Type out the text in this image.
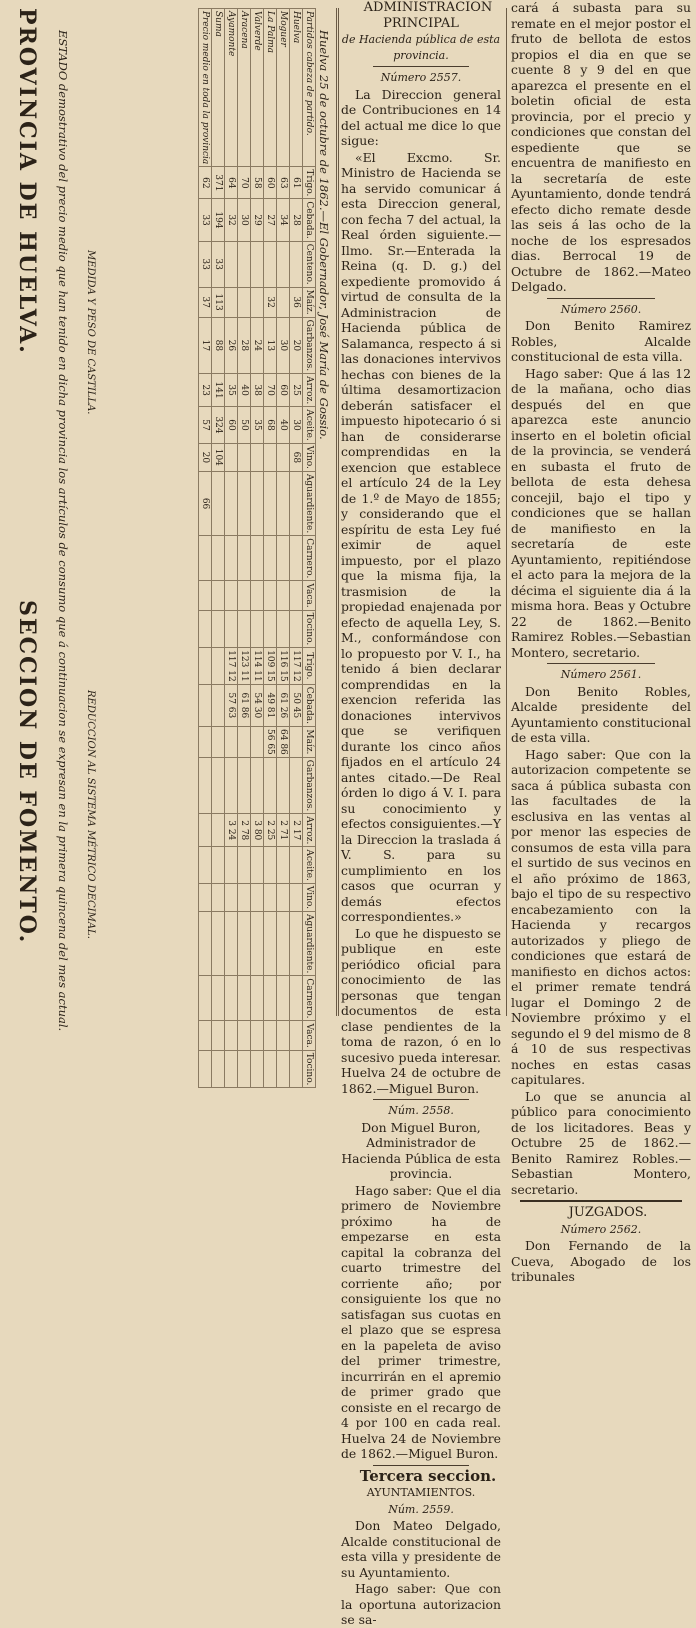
PROVINCIA DE HUELVA.
SECCION DE FOMENTO. ESTADO demostrativo del precio medio que han tenido en dicha provincia los artículos de consumo que á continuacion se expresan en la primera quincena del mes actual. MEDIDA Y PESO DE CASTILLA.
REDUCCION AL SISTEMA MÉTRICO DECIMAL.
Partidos cabeza de partido.	Trigo.	Cebada.	Centeno.	Maíz.	Garbanzos.	Arroz.	Aceite.	Vino.	Aguardiente.	Carnero.	Vaca.	Tocino.	Trigo.	Cebada.	Maíz.	Garbanzos.	Arroz.	Aceite.	Vino.	Aguardiente.	Carnero.	Vaca.	Tocino.
Huelva	61	28		36	20	25	30	68					117 12	50 45			2 17						
Moguer	63	34			30	60	40						116 15	61 26	64 86		2 71						
La Palma	60	27		32	13	70	68						109 15	49 81	56 65		2 25						
Valverde	58	29			24	38	35						114 11	54 30			3 80						
Aracena	70	30			28	40	50						123 11	61 86			2 78						
Ayamonte	64	32			26	35	60						117 12	57 63			3 24						
Suma	371	194	33	113	88	141	324	104															
Precio medio en toda la provincia	62	33	33	37	17	23	57	20	66														
Huelva 25 de octubre de 1862.—El Gobernador, José María de Gossio.

ADMINISTRACION PRINCIPAL

de Hacienda pública de esta provincia.

Número 2557.

La Direccion general de Contribuciones en 14 del actual me dice lo que sigue:

«El Excmo. Sr. Ministro de Hacienda se ha servido comunicar á esta Direccion general, con fecha 7 del actual, la Real órden siguiente.—Ilmo. Sr.—Enterada la Reina (q. D. g.) del expediente promovido á virtud de consulta de la Administracion de Hacienda pública de Salamanca, respecto á si las donaciones intervivos hechas con bienes de la última desamortizacion deberán satisfacer el impuesto hipotecario ó si han de considerarse comprendidas en la exencion que establece el artículo 24 de la Ley de 1.º de Mayo de 1855; y considerando que el espíritu de esta Ley fué eximir de aquel impuesto, por el plazo que la misma fija, la trasmision de la propiedad enajenada por efecto de aquella Ley, S. M., conformándose con lo propuesto por V. I., ha tenido á bien declarar comprendidas en la exencion referida las donaciones intervivos que se verifiquen durante los cinco años fijados en el artículo 24 antes citado.—De Real órden lo digo á V. I. para su conocimiento y efectos consiguientes.—Y la Direccion la traslada á V. S. para su cumplimiento en los casos que ocurran y demás efectos correspondientes.»

Lo que he dispuesto se publique en este periódico oficial para conocimiento de las personas que tengan documentos de esta clase pendientes de la toma de razon, ó en lo sucesivo pueda interesar. Huelva 24 de octubre de 1862.—Miguel Buron.

Núm. 2558.

Don Miguel Buron, Administrador de Hacienda Pública de esta provincia.

Hago saber: Que el dia primero de Noviembre próximo ha de empezarse en esta capital la cobranza del cuarto trimestre del corriente año; por consiguiente los que no satisfagan sus cuotas en el plazo que se espresa en la papeleta de aviso del primer trimestre, incurrirán en el apremio de primer grado que consiste en el recargo de 4 por 100 en cada real. Huelva 24 de Noviembre de 1862.—Miguel Buron.

Tercera seccion.

AYUNTAMIENTOS.

Núm. 2559.

Don Mateo Delgado, Alcalde constitucional de esta villa y presidente de su Ayuntamiento.

Hago saber: Que con la oportuna autorizacion se sa-

cará á subasta para su remate en el mejor postor el fruto de bellota de estos propios el dia en que se cuente 8 y 9 del en que aparezca el presente en el boletin oficial de esta provincia, por el precio y condiciones que constan del espediente que se encuentra de manifiesto en la secretaría de este Ayuntamiento, donde tendrá efecto dicho remate desde las seis á las ocho de la noche de los espresados dias. Berrocal 19 de Octubre de 1862.—Mateo Delgado.

Número 2560.

Don Benito Ramirez Robles, Alcalde constitucional de esta villa.

Hago saber: Que á las 12 de la mañana, ocho dias después del en que aparezca este anuncio inserto en el boletin oficial de la provincia, se venderá en subasta el fruto de bellota de esta dehesa concejil, bajo el tipo y condiciones que se hallan de manifiesto en la secretaría de este Ayuntamiento, repitiéndose el acto para la mejora de la décima el siguiente dia á la misma hora. Beas y Octubre 22 de 1862.—Benito Ramirez Robles.—Sebastian Montero, secretario.

Número 2561.

Don Benito Robles, Alcalde presidente del Ayuntamiento constitucional de esta villa.

Hago saber: Que con la autorizacion competente se saca á pública subasta con las facultades de la esclusiva en las ventas al por menor las especies de consumos de esta villa para el surtido de sus vecinos en el año próximo de 1863, bajo el tipo de su respectivo encabezamiento con la Hacienda y recargos autorizados y pliego de condiciones que estará de manifiesto en dichos actos: el primer remate tendrá lugar el Domingo 2 de Noviembre próximo y el segundo el 9 del mismo de 8 á 10 de sus respectivas noches en estas casas capitulares.

Lo que se anuncia al público para conocimiento de los licitadores. Beas y Octubre 25 de 1862.—Benito Ramirez Robles.—Sebastian Montero, secretario.

JUZGADOS.

Número 2562.

Don Fernando de la Cueva, Abogado de los tribunales
